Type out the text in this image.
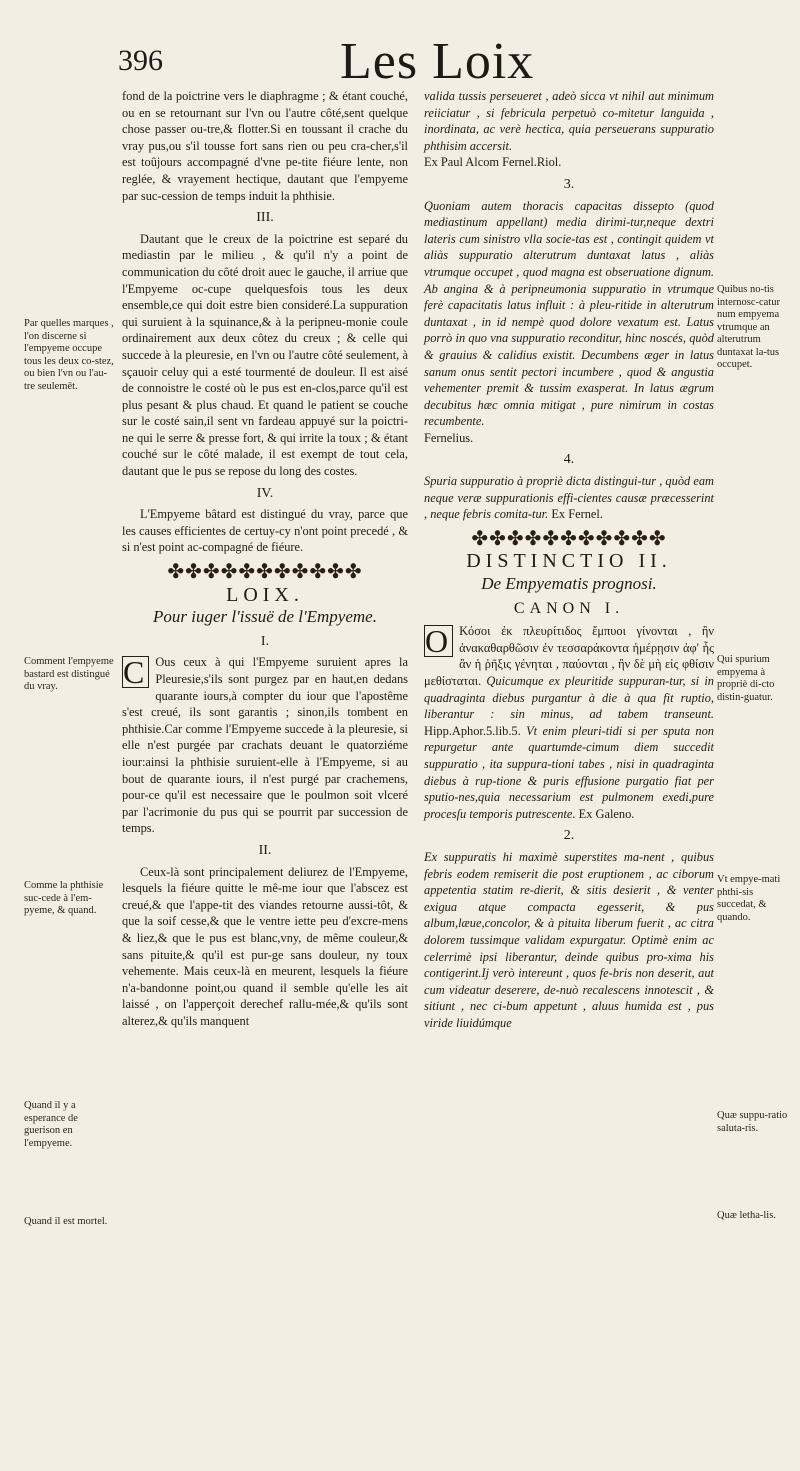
396	Les Loix

fond de la poictrine vers le diaphragme ; & étant couché, ou en se retournant sur l'vn ou l'autre côté,sent quelque chose passer ou-tre,& flotter.Si en toussant il crache du vray pus,ou s'il tousse fort sans rien ou peu cra-cher,s'il est toûjours accompagné d'vne pe-tite fiéure lente, non reglée, & vrayement hectique, dautant que l'empyeme par suc-cession de temps induit la phthisie.

III.

Dautant que le creux de la poictrine est separé du mediastin par le milieu , & qu'il n'y a point de communication du côté droit auec le gauche, il arriue que l'Empyeme oc-cupe quelquesfois tous les deux ensemble,ce qui doit estre bien consideré.La suppuration qui suruient à la squinance,& à la peripneu-monie coule ordinairement aux deux côtez du creux ; & celle qui succede à la pleuresie, en l'vn ou l'autre côté seulement, à sçauoir celuy qui a esté tourmenté de douleur. Il est aisé de connoistre le costé où le pus est en-clos,parce qu'il est plus pesant & plus chaud. Et quand le patient se couche sur le costé sain,il sent vn fardeau appuyé sur la poictri-ne qui le serre & presse fort, & qui irrite la toux ; & étant couché sur le côté malade, il est exempt de tout cela, dautant que le pus se repose du long des costes.

IV.

L'Empyeme bâtard est distingué du vray, parce que les causes efficientes de certuy-cy n'ont point precedé , & si n'est point ac-compagné de fiéure.

✤✤✤✤✤✤✤✤✤✤✤
LOIX.
Pour iuger l'issuë de l'Empyeme.
I.

C Ous ceux à qui l'Empyeme suruient apres la Pleuresie,s'ils sont purgez par en haut,en dedans quarante iours,à compter du iour que l'apostême s'est creué, ils sont garantis ; sinon,ils tombent en phthisie.Car comme l'Empyeme succede à la pleuresie, si elle n'est purgée par crachats deuant le quatorziéme iour:ainsi la phthisie suruient-elle à l'Empyeme, si au bout de quarante iours, il n'est purgé par crachemens, pour-ce qu'il est necessaire que le poulmon soit vlceré par l'acrimonie du pus qui se pourrit par succession de temps.

II.

Ceux-là sont principalement deliurez de l'Empyeme, lesquels la fiéure quitte le mê-me iour que l'abscez est creué,& que l'appe-tit des viandes retourne aussi-tôt, & que la soif cesse,& que le ventre iette peu d'excre-mens & liez,& que le pus est blanc,vny, de même couleur,& sans pituite,& qu'il est pur-ge sans douleur, ny toux vehemente. Mais ceux-là en meurent, lesquels la fiéure n'a-bandonne point,ou quand il semble qu'elle les ait laissé , on l'apperçoit derechef rallu-mée,& qu'ils sont alterez,& qu'ils manquent

valida tussis perseueret , adeò sicca vt nihil aut minimum reiiciatur , si febricula perpetuò co-mitetur languida , inordinata, ac verè hectica, quia perseuerans suppuratio phthisim accersit.

Ex Paul Alcom Fernel.Riol.

3.

Quoniam autem thoracis capacitas dissepto (quod mediastinum appellant) media dirimi-tur,neque dextri lateris cum sinistro vlla socie-tas est , contingit quidem vt aliàs suppuratio alterutrum duntaxat latus , aliàs vtrumque occupet , quod magna est obseruatione dignum. Ab angina & à peripneumonia suppuratio in vtrumque ferè capacitatis latus influit : à pleu-ritide in alterutrum duntaxat , in id nempè quod dolore vexatum est. Latus porrò in quo vna suppuratio reconditur, hinc noscés, quòd & grauius & calidius existit. Decumbens æger in latus sanum onus sentit pectori incumbere , quod & angustia vehementer premit & tussim exasperat. In latus ægrum decubitus hæc omnia mitigat , pure nimirum in costas recumbente.

Fernelius.

4.

Spuria suppuratio à propriè dicta distingui-tur , quòd eam neque veræ suppurationis effi-cientes causæ præcesserint , neque febris comita-tur. Ex Fernel.

✤✤✤✤✤✤✤✤✤✤✤
DISTINCTIO II.
De Empyematis prognosi.
CANON I.

O Κόσοι ἐκ πλευρίτιδος ἔμπυοι γίνονται , ἢν ἀνακαθαρθῶσιν ἐν τεσσαράκοντα ἡμέρῃσιν ἀφ' ἧς ἂν ἡ ῥῆξις γένηται , παύονται , ἢν δὲ μὴ εἰς φθίσιν μεθίσταται. Quicumque ex pleuritide suppuran-tur, si in quadraginta diebus purgantur à die à qua fit ruptio, liberantur : sin minus, ad tabem transeunt. Hipp.Aphor.5.lib.5. Vt enim pleuri-tidi si per sputa non repurgetur ante quartumde-cimum diem succedit suppuratio , ita suppura-tioni tabes , nisi in quadraginta diebus à rup-tione & puris effusione purgatio fiat per sputio-nes,quia necessarium est pulmonem exedi,pure procesſu temporis putrescente. Ex Galeno.

2.

Ex suppuratis hi maximè superstites ma-nent , quibus febris eodem remiserit die post eruptionem , ac ciborum appetentia statim re-dierit, & sitis desierit , & venter exigua atque compacta egesserit, & pus album,læue,concolor, & à pituita liberum fuerit , ac citra dolorem tussimque validam expurgatur. Optimè enim ac celerrimè ipsi liberantur, deinde quibus pro-xima his contigerint.Ij verò intereunt , quos fe-bris non deserit, aut cum videatur deserere, de-nuò recalescens innotescit , & sitiunt , nec ci-bum appetunt , aluus humida est , pus viride liuidúmque

Par quelles marques , l'on discerne si l'empyeme occupe tous les deux co-stez, ou bien l'vn ou l'au-tre seulemēt.
Comment l'empyeme bastard est distingué du vray.
Comme la phthisie suc-cede à l'em-pyeme, & quand.
Quand il y a esperance de guerison en l'empyeme.
Quand il est mortel.
Quibus no-tis internosc-catur num empyema vtrumque an alterutrum duntaxat la-tus occupet.
Qui spurium empyema à propriè di-cto distin-guatur.
Vt empye-mati phthi-sis succedat, & quando.
Quæ suppu-ratio saluta-ris.
Quæ letha-lis.
